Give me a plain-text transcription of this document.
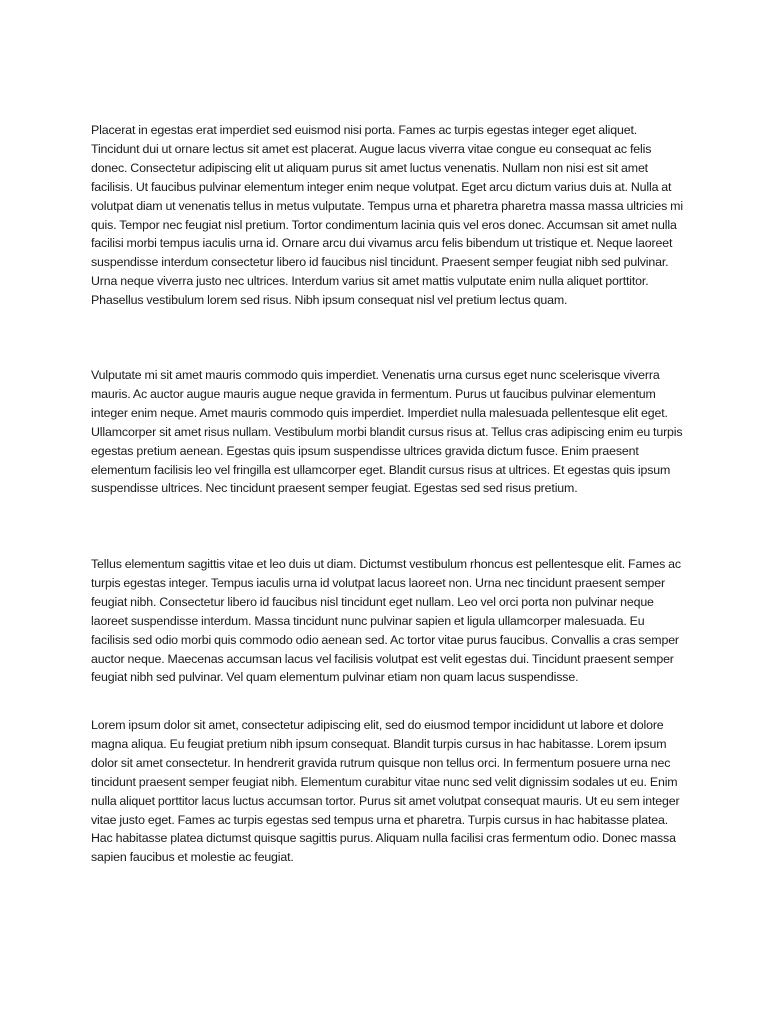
Placerat in egestas erat imperdiet sed euismod nisi porta. Fames ac turpis egestas integer eget aliquet. Tincidunt dui ut ornare lectus sit amet est placerat. Augue lacus viverra vitae congue eu consequat ac felis donec. Consectetur adipiscing elit ut aliquam purus sit amet luctus venenatis. Nullam non nisi est sit amet facilisis. Ut faucibus pulvinar elementum integer enim neque volutpat. Eget arcu dictum varius duis at. Nulla at volutpat diam ut venenatis tellus in metus vulputate. Tempus urna et pharetra pharetra massa massa ultricies mi quis. Tempor nec feugiat nisl pretium. Tortor condimentum lacinia quis vel eros donec. Accumsan sit amet nulla facilisi morbi tempus iaculis urna id. Ornare arcu dui vivamus arcu felis bibendum ut tristique et. Neque laoreet suspendisse interdum consectetur libero id faucibus nisl tincidunt. Praesent semper feugiat nibh sed pulvinar. Urna neque viverra justo nec ultrices. Interdum varius sit amet mattis vulputate enim nulla aliquet porttitor. Phasellus vestibulum lorem sed risus. Nibh ipsum consequat nisl vel pretium lectus quam.

Vulputate mi sit amet mauris commodo quis imperdiet. Venenatis urna cursus eget nunc scelerisque viverra mauris. Ac auctor augue mauris augue neque gravida in fermentum. Purus ut faucibus pulvinar elementum integer enim neque. Amet mauris commodo quis imperdiet. Imperdiet nulla malesuada pellentesque elit eget. Ullamcorper sit amet risus nullam. Vestibulum morbi blandit cursus risus at. Tellus cras adipiscing enim eu turpis egestas pretium aenean. Egestas quis ipsum suspendisse ultrices gravida dictum fusce. Enim praesent elementum facilisis leo vel fringilla est ullamcorper eget. Blandit cursus risus at ultrices. Et egestas quis ipsum suspendisse ultrices. Nec tincidunt praesent semper feugiat. Egestas sed sed risus pretium.

Tellus elementum sagittis vitae et leo duis ut diam. Dictumst vestibulum rhoncus est pellentesque elit. Fames ac turpis egestas integer. Tempus iaculis urna id volutpat lacus laoreet non. Urna nec tincidunt praesent semper feugiat nibh. Consectetur libero id faucibus nisl tincidunt eget nullam. Leo vel orci porta non pulvinar neque laoreet suspendisse interdum. Massa tincidunt nunc pulvinar sapien et ligula ullamcorper malesuada. Eu facilisis sed odio morbi quis commodo odio aenean sed. Ac tortor vitae purus faucibus. Convallis a cras semper auctor neque. Maecenas accumsan lacus vel facilisis volutpat est velit egestas dui. Tincidunt praesent semper feugiat nibh sed pulvinar. Vel quam elementum pulvinar etiam non quam lacus suspendisse.

Lorem ipsum dolor sit amet, consectetur adipiscing elit, sed do eiusmod tempor incididunt ut labore et dolore magna aliqua. Eu feugiat pretium nibh ipsum consequat. Blandit turpis cursus in hac habitasse. Lorem ipsum dolor sit amet consectetur. In hendrerit gravida rutrum quisque non tellus orci. In fermentum posuere urna nec tincidunt praesent semper feugiat nibh. Elementum curabitur vitae nunc sed velit dignissim sodales ut eu. Enim nulla aliquet porttitor lacus luctus accumsan tortor. Purus sit amet volutpat consequat mauris. Ut eu sem integer vitae justo eget. Fames ac turpis egestas sed tempus urna et pharetra. Turpis cursus in hac habitasse platea. Hac habitasse platea dictumst quisque sagittis purus. Aliquam nulla facilisi cras fermentum odio. Donec massa sapien faucibus et molestie ac feugiat.
